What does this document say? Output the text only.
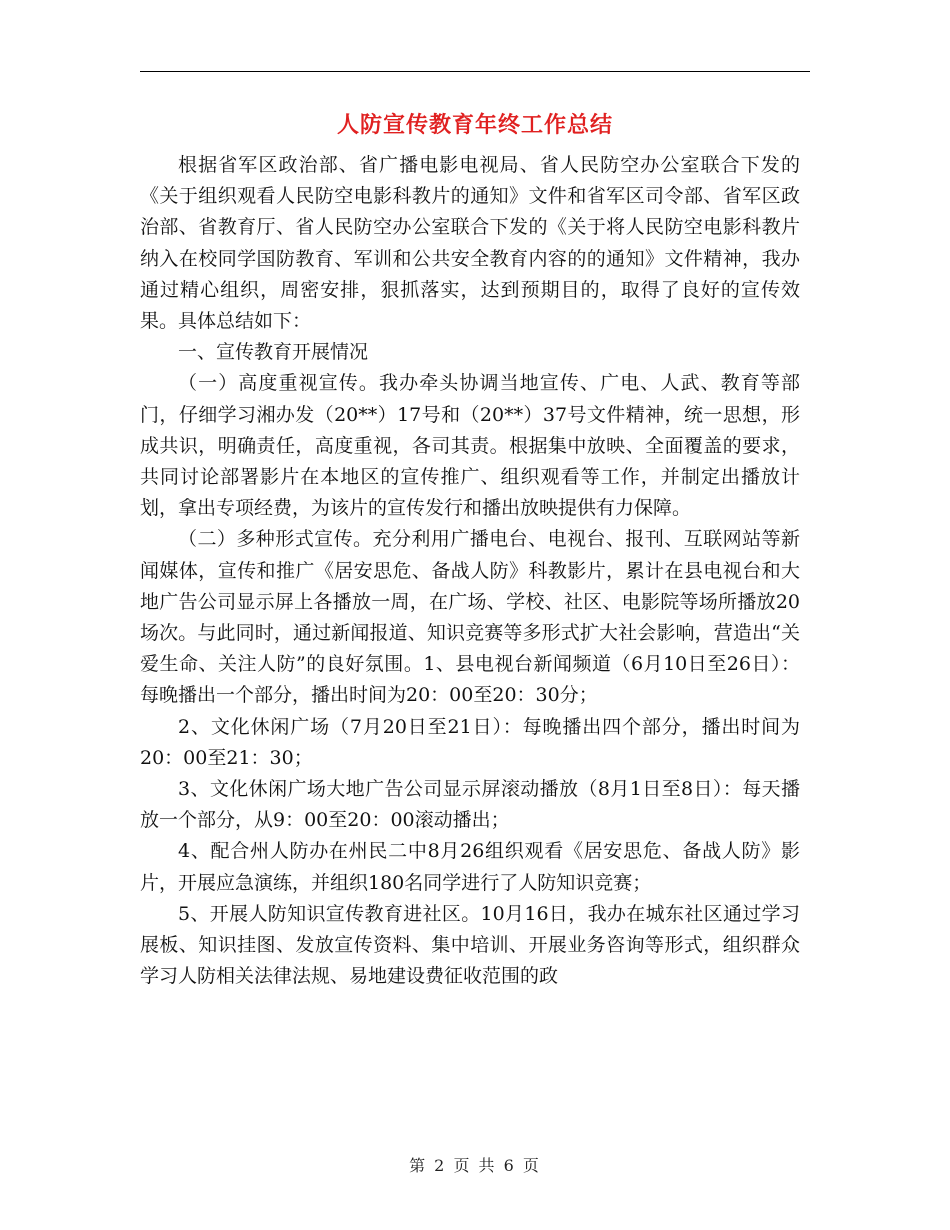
人防宣传教育年终工作总结

根据省军区政治部、省广播电影电视局、省人民防空办公室联合下发的《关于组织观看人民防空电影科教片的通知》文件和省军区司令部、省军区政治部、省教育厅、省人民防空办公室联合下发的《关于将人民防空电影科教片纳入在校同学国防教育、军训和公共安全教育内容的的通知》文件精神，我办通过精心组织，周密安排，狠抓落实，达到预期目的，取得了良好的宣传效果。具体总结如下：

一、宣传教育开展情况

（一）高度重视宣传。我办牵头协调当地宣传、广电、人武、教育等部门，仔细学习湘办发（20**）17号和（20**）37号文件精神，统一思想，形成共识，明确责任，高度重视，各司其责。根据集中放映、全面覆盖的要求，共同讨论部署影片在本地区的宣传推广、组织观看等工作，并制定出播放计划，拿出专项经费，为该片的宣传发行和播出放映提供有力保障。

（二）多种形式宣传。充分利用广播电台、电视台、报刊、互联网站等新闻媒体，宣传和推广《居安思危、备战人防》科教影片，累计在县电视台和大地广告公司显示屏上各播放一周，在广场、学校、社区、电影院等场所播放20场次。与此同时，通过新闻报道、知识竞赛等多形式扩大社会影响，营造出“关爱生命、关注人防”的良好氛围。1、县电视台新闻频道（6月10日至26日）：每晚播出一个部分，播出时间为20：00至20：30分；

2、文化休闲广场（7月20日至21日）：每晚播出四个部分，播出时间为20：00至21：30；

3、文化休闲广场大地广告公司显示屏滚动播放（8月1日至8日）：每天播放一个部分，从9：00至20：00滚动播出；

4、配合州人防办在州民二中8月26组织观看《居安思危、备战人防》影片，开展应急演练，并组织180名同学进行了人防知识竞赛；

5、开展人防知识宣传教育进社区。10月16日，我办在城东社区通过学习展板、知识挂图、发放宣传资料、集中培训、开展业务咨询等形式，组织群众学习人防相关法律法规、易地建设费征收范围的政

第 2 页 共 6 页
